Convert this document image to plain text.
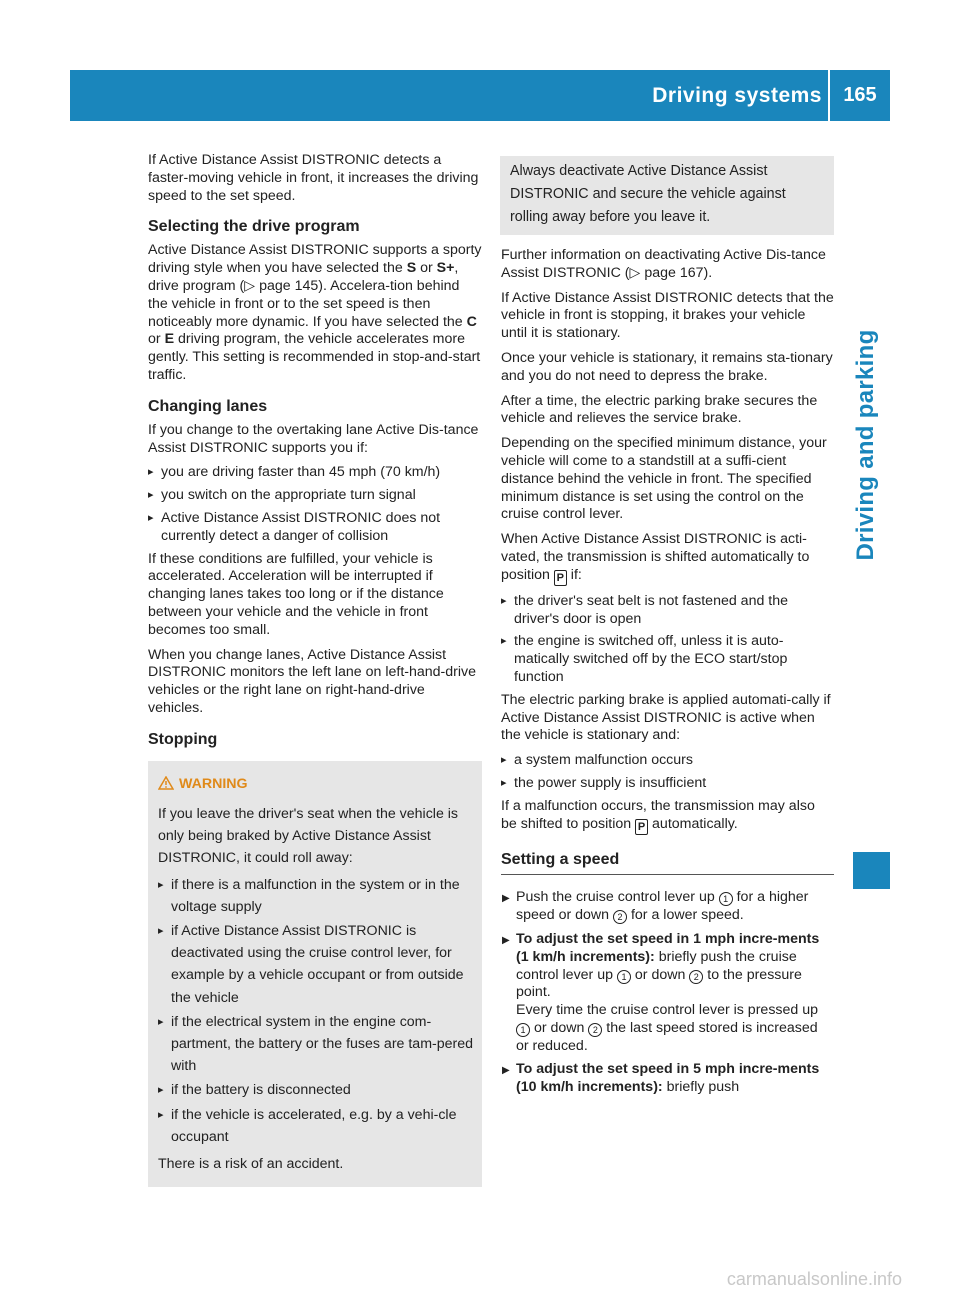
Driving systems	165
Driving and parking

If Active Distance Assist DISTRONIC detects a faster-moving vehicle in front, it increases the driving speed to the set speed.

Selecting the drive program

Active Distance Assist DISTRONIC supports a sporty driving style when you have selected the S or S+, drive program (▷ page 145). Accelera-tion behind the vehicle in front or to the set speed is then noticeably more dynamic. If you have selected the C or E driving program, the vehicle accelerates more gently. This setting is recommended in stop-and-start traffic.

Changing lanes

If you change to the overtaking lane Active Dis-tance Assist DISTRONIC supports you if:

▸ you are driving faster than 45 mph (70 km/h)
▸ you switch on the appropriate turn signal
▸ Active Distance Assist DISTRONIC does not currently detect a danger of collision

If these conditions are fulfilled, your vehicle is accelerated. Acceleration will be interrupted if changing lanes takes too long or if the distance between your vehicle and the vehicle in front becomes too small.

When you change lanes, Active Distance Assist DISTRONIC monitors the left lane on left-hand-drive vehicles or the right lane on right-hand-drive vehicles.

Stopping
WARNING

If you leave the driver's seat when the vehicle is only being braked by Active Distance Assist DISTRONIC, it could roll away:

▸ if there is a malfunction in the system or in the voltage supply
▸ if Active Distance Assist DISTRONIC is deactivated using the cruise control lever, for example by a vehicle occupant or from outside the vehicle
▸ if the electrical system in the engine com-partment, the battery or the fuses are tam-pered with
▸ if the battery is disconnected
▸ if the vehicle is accelerated, e.g. by a vehi-cle occupant

There is a risk of an accident.

Always deactivate Active Distance Assist DISTRONIC and secure the vehicle against rolling away before you leave it.

Further information on deactivating Active Dis-tance Assist DISTRONIC (▷ page 167).

If Active Distance Assist DISTRONIC detects that the vehicle in front is stopping, it brakes your vehicle until it is stationary.

Once your vehicle is stationary, it remains sta-tionary and you do not need to depress the brake.

After a time, the electric parking brake secures the vehicle and relieves the service brake.

Depending on the specified minimum distance, your vehicle will come to a standstill at a suffi-cient distance behind the vehicle in front. The specified minimum distance is set using the control on the cruise control lever.

When Active Distance Assist DISTRONIC is acti-vated, the transmission is shifted automatically to position P if:

▸ the driver's seat belt is not fastened and the driver's door is open
▸ the engine is switched off, unless it is auto-matically switched off by the ECO start/stop function

The electric parking brake is applied automati-cally if Active Distance Assist DISTRONIC is active when the vehicle is stationary and:

▸ a system malfunction occurs
▸ the power supply is insufficient

If a malfunction occurs, the transmission may also be shifted to position P automatically.

Setting a speed
▶ Push the cruise control lever up 1 for a higher speed or down 2 for a lower speed.
▶ To adjust the set speed in 1 mph incre-ments (1 km/h increments): briefly push the cruise control lever up 1 or down 2 to the pressure point.
Every time the cruise control lever is pressed up 1 or down 2 the last speed stored is increased or reduced.
▶ To adjust the set speed in 5 mph incre-ments (10 km/h increments): briefly push
carmanualsonline.info
